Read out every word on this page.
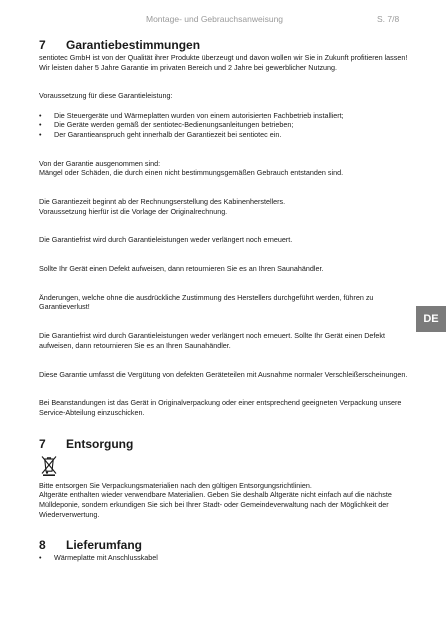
Montage- und Gebrauchsanweisung	S. 7/8
7	Garantiebestimmungen

sentiotec GmbH ist von der Qualität ihrer Produkte überzeugt und davon wollen wir Sie in Zukunft profitieren lassen! Wir leisten daher 5 Jahre Garantie im privaten Bereich und 2 Jahre bei gewerblicher Nutzung.

Voraussetzung für diese Garantieleistung:

• Die Steuergeräte und Wärmeplatten wurden von einem autorisierten Fachbetrieb installiert;
• Die Geräte werden gemäß der sentiotec-Bedienungsanleitungen betrieben;
• Der Garantieanspruch geht innerhalb der Garantiezeit bei sentiotec ein.

Von der Garantie ausgenommen sind:

Mängel oder Schäden, die durch einen nicht bestimmungsgemäßen Gebrauch entstanden sind.

Die Garantiezeit beginnt ab der Rechnungserstellung des Kabinenherstellers.

Voraussetzung hierfür ist die Vorlage der Originalrechnung.

Die Garantiefrist wird durch Garantieleistungen weder verlängert noch erneuert.

Sollte Ihr Gerät einen Defekt aufweisen, dann retournieren Sie es an Ihren Saunahändler.

Änderungen, welche ohne die ausdrückliche Zustimmung des Herstellers durchgeführt werden, führen zu Garantieverlust!

Die Garantiefrist wird durch Garantieleistungen weder verlängert noch erneuert. Sollte Ihr Gerät einen Defekt aufweisen, dann retournieren Sie es an Ihren Saunahändler.

Diese Garantie umfasst die Vergütung von defekten Geräteteilen mit Ausnahme normaler Verschleißerscheinungen.

Bei Beanstandungen ist das Gerät in Originalverpackung oder einer entsprechend geeigneten Verpackung unsere Service-Abteilung einzuschicken.

7	Entsorgung

Bitte entsorgen Sie Verpackungsmaterialien nach den gültigen Entsorgungsrichtlinien.

Altgeräte enthalten wieder verwendbare Materialien. Geben Sie deshalb Altgeräte nicht einfach auf die nächste Mülldeponie, sondern erkundigen Sie sich bei Ihrer Stadt- oder Gemeindeverwaltung nach der Möglichkeit der Wiederverwertung.

8	Lieferumfang
• Wärmeplatte mit Anschlusskabel
DE
